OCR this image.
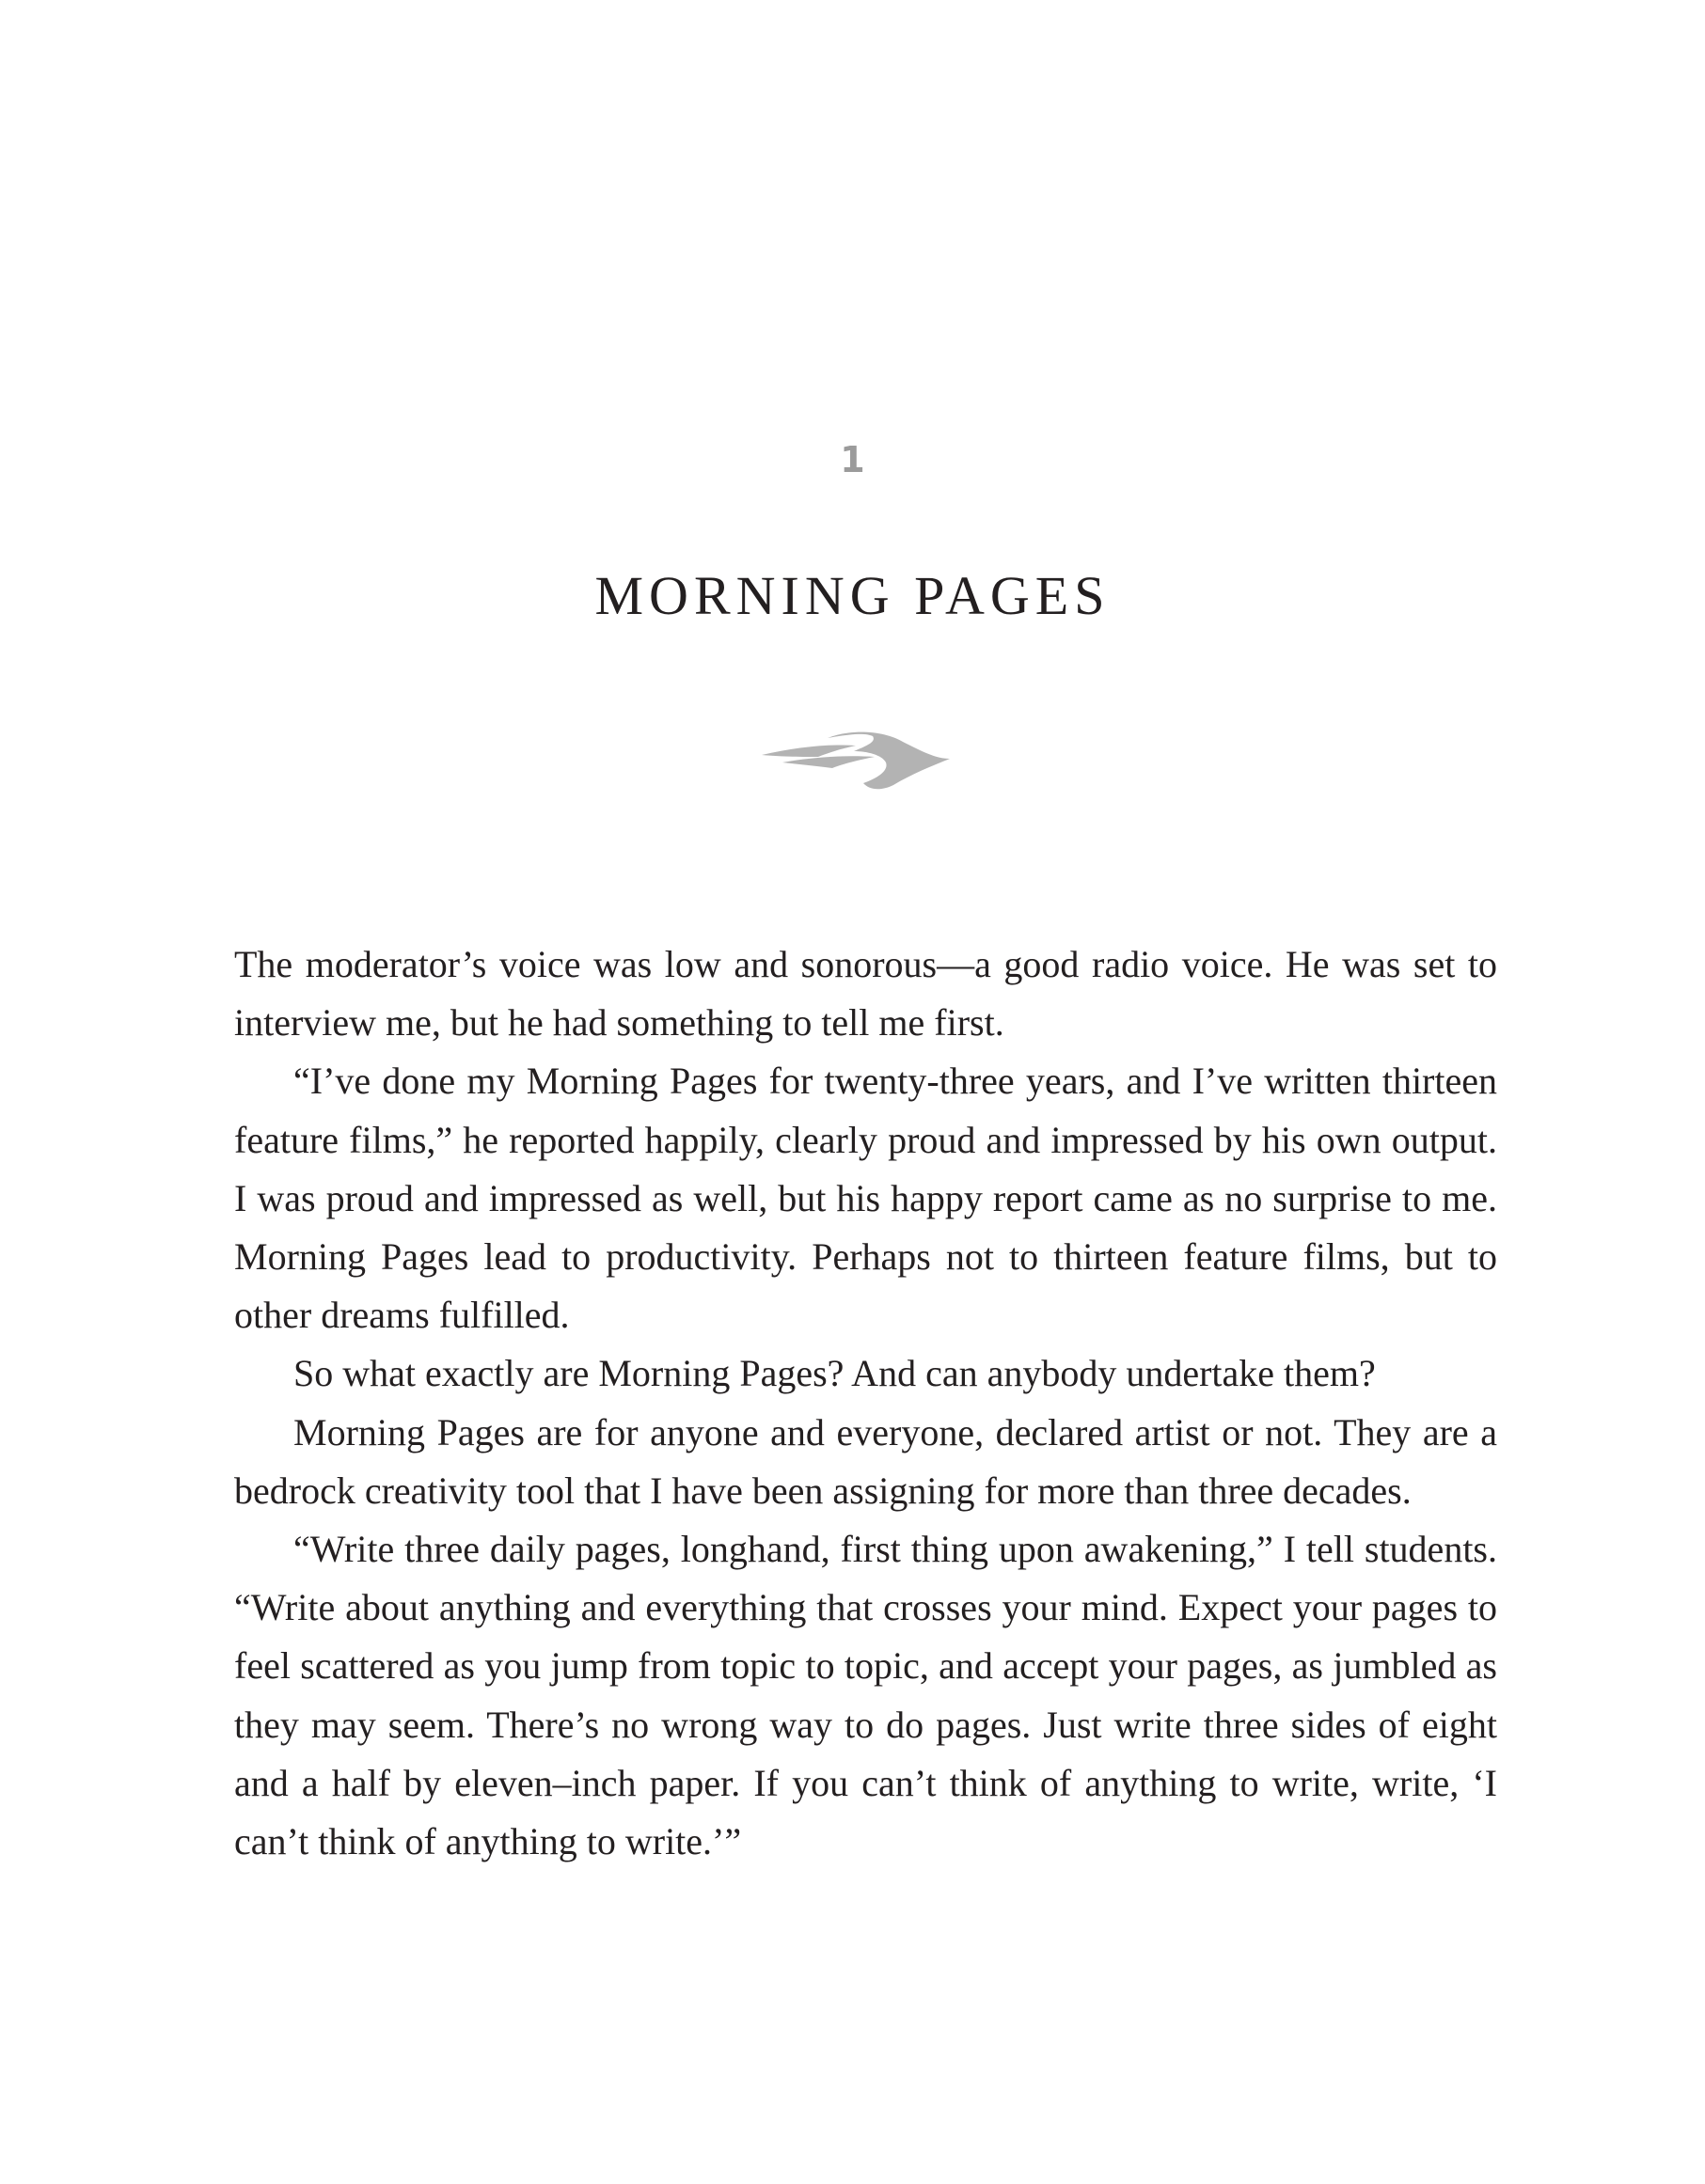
1
MORNING PAGES

The moderator’s voice was low and sonorous—a good radio voice. He was set to interview me, but he had something to tell me first.

“I’ve done my Morning Pages for twenty-three years, and I’ve written thirteen feature films,” he reported happily, clearly proud and impressed by his own output. I was proud and impressed as well, but his happy report came as no surprise to me. Morning Pages lead to productivity. Perhaps not to thirteen feature films, but to other dreams fulfilled.

So what exactly are Morning Pages? And can anybody undertake them?

Morning Pages are for anyone and everyone, declared artist or not. They are a bedrock creativity tool that I have been assigning for more than three decades.

“Write three daily pages, longhand, first thing upon awakening,” I tell students. “Write about anything and everything that crosses your mind. Expect your pages to feel scattered as you jump from topic to topic, and accept your pages, as jumbled as they may seem. There’s no wrong way to do pages. Just write three sides of eight and a half by eleven–inch paper. If you can’t think of anything to write, write, ‘I can’t think of anything to write.’”
